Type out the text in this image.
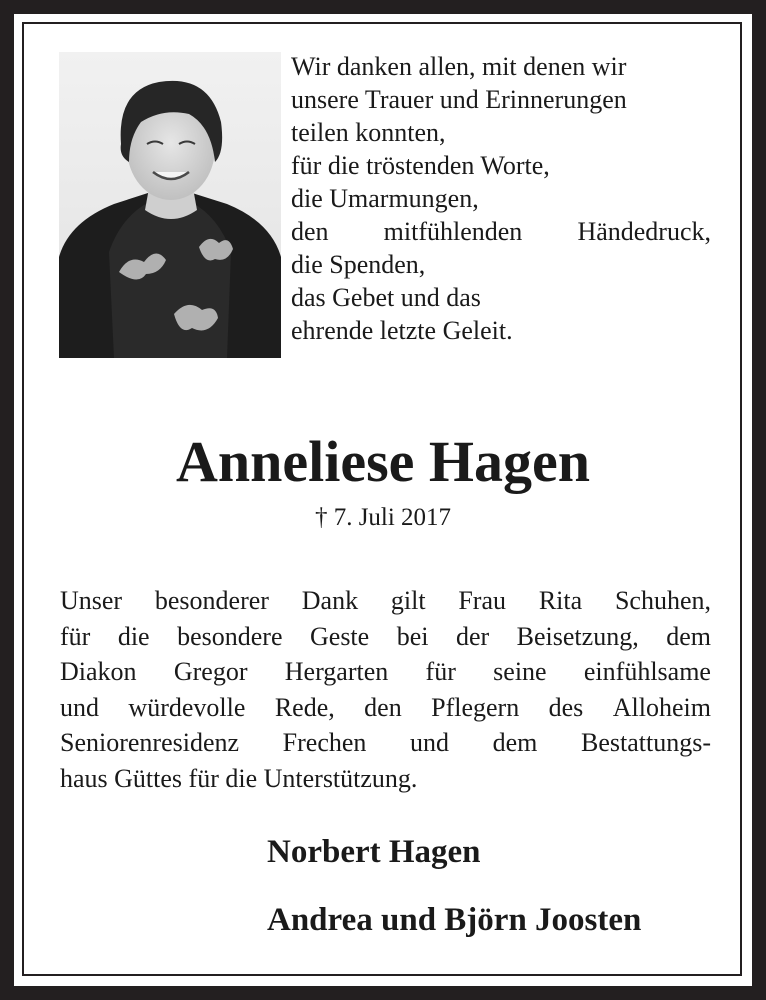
Wir danken allen, mit denen wir
unsere Trauer und Erinnerungen
teilen konnten,
für die tröstenden Worte,
die Umarmungen,
den mitfühlenden Händedruck,
die Spenden,
das Gebet und das
ehrende letzte Geleit.
Anneliese Hagen
† 7. Juli 2017
Unser besonderer Dank gilt Frau Rita Schuhen,
für die besondere Geste bei der Beisetzung, dem
Diakon Gregor Hergarten für seine einfühlsame
und würdevolle Rede, den Pflegern des Alloheim
Seniorenresidenz Frechen und dem Bestattungs-
haus Güttes für die Unterstützung.
Norbert Hagen
Andrea und Björn Joosten
